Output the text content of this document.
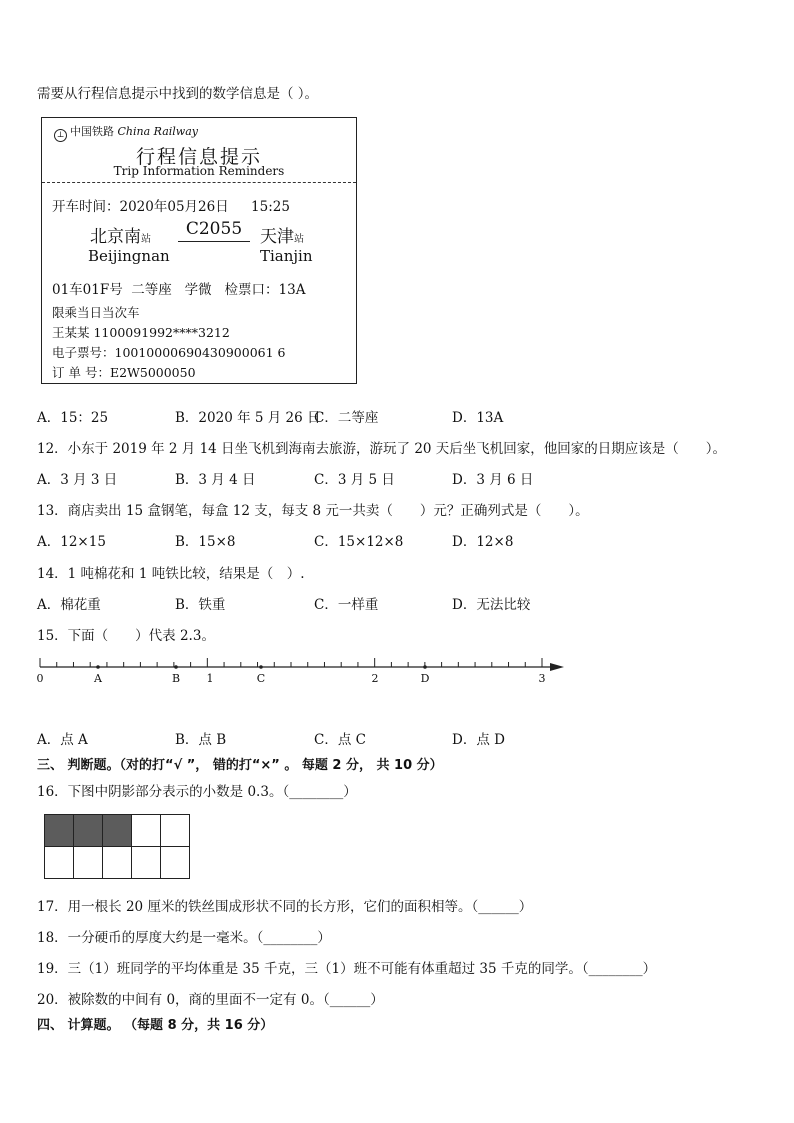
需要从行程信息提示中找到的数学信息是（ ）。
⊥ 中国铁路 China Railway
行程信息提示
Trip Information Reminders
开车时间：2020年05月26日 15:25
北京南站
Beijingnan
C2055	天津站
Tianjin
01车01F号  二等座   学微   检票口：13A
限乘当日当次车
王某某 1100091992****3212
电子票号：10010000690430900061 6
订 单 号：E2W5000050
A．15：25	B．2020 年 5 月 26 日
C．二等座	D．13A
12．小东于 2019 年 2 月 14 日坐飞机到海南去旅游，游玩了 20 天后坐飞机回家，他回家的日期应该是（　　）。
A．3 月 3 日	B．3 月 4 日	C．3 月 5 日	D．3 月 6 日
13．商店卖出 15 盒钢笔，每盒 12 支，每支 8 元一共卖（　　）元？正确列式是（　　）。
A．12×15	B．15×8	C．15×12×8	D．12×8
14．1 吨棉花和 1 吨铁比较，结果是（　）.
A．棉花重	B．铁重	C．一样重	D．无法比较
15．下面（　　）代表 2.3。
0	A	B 1	C	2	D	3
A．点 A	B．点 B	C．点 C	D．点 D
三、 判断题。（对的打“√ ”， 错的打“×” 。 每题 2 分， 共 10 分）
16．下图中阴影部分表示的小数是 0.3。（________）

17．用一根长 20 厘米的铁丝围成形状不同的长方形，它们的面积相等。（______）
18．一分硬币的厚度大约是一毫米。（________）
19．三（1）班同学的平均体重是 35 千克，三（1）班不可能有体重超过 35 千克的同学。（________）
20．被除数的中间有 0，商的里面不一定有 0。（______）
四、 计算题。 （每题 8 分，共 16 分）
